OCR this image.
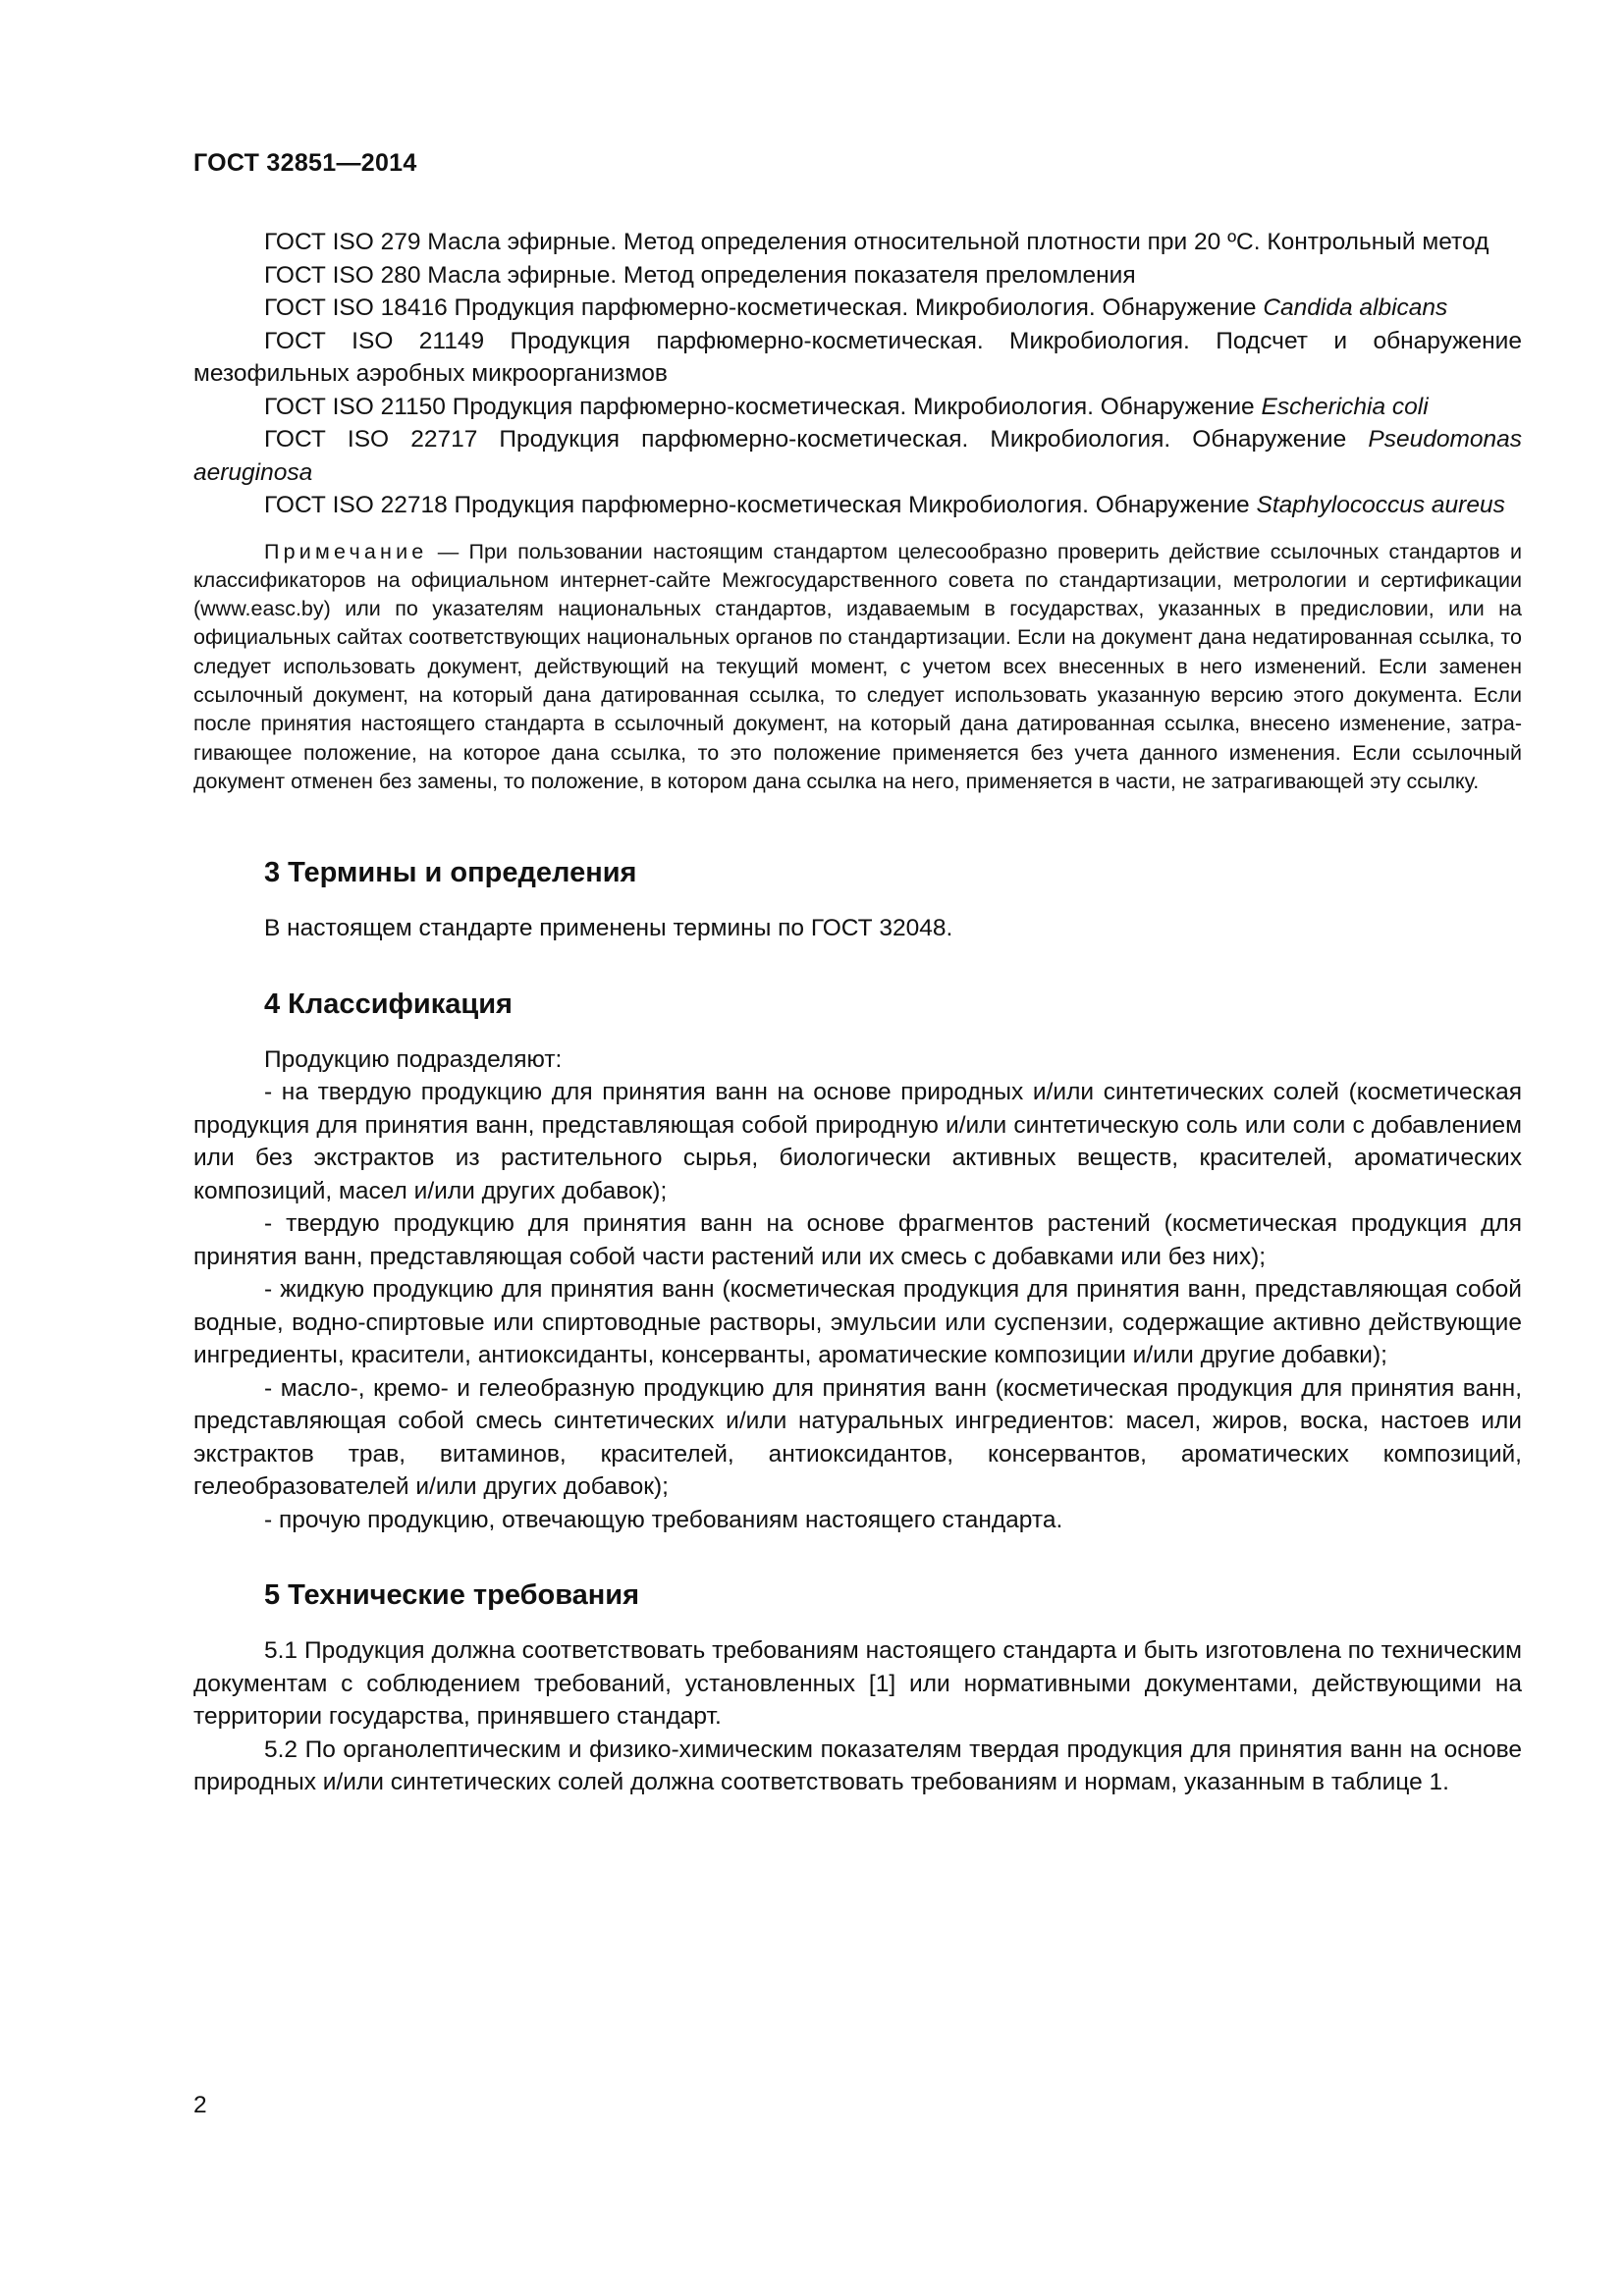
ГОСТ 32851—2014

ГОСТ ISO 279 Масла эфирные. Метод определения относительной плотности при 20 ºС. Контрольный метод

ГОСТ ISO 280 Масла эфирные. Метод определения показателя преломления

ГОСТ ISO 18416 Продукция парфюмерно-косметическая. Микробиология. Обнаружение Candida albicans

ГОСТ ISO 21149 Продукция парфюмерно-косметическая. Микробиология. Подсчет и обнаружение мезофильных аэробных микроорганизмов

ГОСТ ISO 21150 Продукция парфюмерно-косметическая. Микробиология. Обнаружение Escherichia coli

ГОСТ ISO 22717 Продукция парфюмерно-косметическая. Микробиология. Обнаружение Pseudomonas aeruginosa

ГОСТ ISO 22718 Продукция парфюмерно-косметическая Микробиология. Обнаружение Staphylococcus aureus

Примечание — При пользовании настоящим стандартом целесообразно проверить действие ссылочных стандартов и классификаторов на официальном интернет-сайте Межгосударственного совета по стандартизации, метрологии и сертификации (www.easc.by) или по указателям национальных стандартов, издаваемым в государствах, указанных в предисловии, или на официальных сайтах соответствующих национальных органов по стандартизации. Если на документ дана недатированная ссылка, то следует использовать документ, действующий на текущий момент, с учетом всех внесенных в него изменений. Если заменен ссылочный документ, на который дана датированная ссылка, то следует использовать указанную версию этого документа. Если после принятия настоящего стандарта в ссылочный документ, на который дана датированная ссылка, внесено изменение, затрагивающее положение, на которое дана ссылка, то это положение применяется без учета данного изменения. Если ссылочный документ отменен без замены, то положение, в котором дана ссылка на него, применяется в части, не затрагивающей эту ссылку.

3 Термины и определения

В настоящем стандарте применены термины по ГОСТ 32048.

4 Классификация

Продукцию подразделяют:

- на твердую продукцию для принятия ванн на основе природных и/или синтетических солей (косметическая продукция для принятия ванн, представляющая собой природную и/или синтетическую соль или соли с добавлением или без экстрактов из растительного сырья, биологически активных веществ, красителей, ароматических композиций, масел и/или других добавок);

- твердую продукцию для принятия ванн на основе фрагментов растений (косметическая продукция для принятия ванн, представляющая собой части растений или их смесь с добавками или без них);

- жидкую продукцию для принятия ванн (косметическая продукция для принятия ванн, представляющая собой водные, водно-спиртовые или спиртоводные растворы, эмульсии или суспензии, содержащие активно действующие ингредиенты, красители, антиоксиданты, консерванты, ароматические композиции и/или другие добавки);

- масло-, кремо- и гелеобразную продукцию для принятия ванн (косметическая продукция для принятия ванн, представляющая собой смесь синтетических и/или натуральных ингредиентов: масел, жиров, воска, настоев или экстрактов трав, витаминов, красителей, антиоксидантов, консервантов, ароматических композиций, гелеобразователей и/или других добавок);

- прочую продукцию, отвечающую требованиям настоящего стандарта.

5 Технические требования

5.1 Продукция должна соответствовать требованиям настоящего стандарта и быть изготовлена по техническим документам с соблюдением требований, установленных [1] или нормативными документами, действующими на территории государства, принявшего стандарт.

5.2 По органолептическим и физико-химическим показателям твердая продукция для принятия ванн на основе природных и/или синтетических солей должна соответствовать требованиям и нормам, указанным в таблице 1.

2
